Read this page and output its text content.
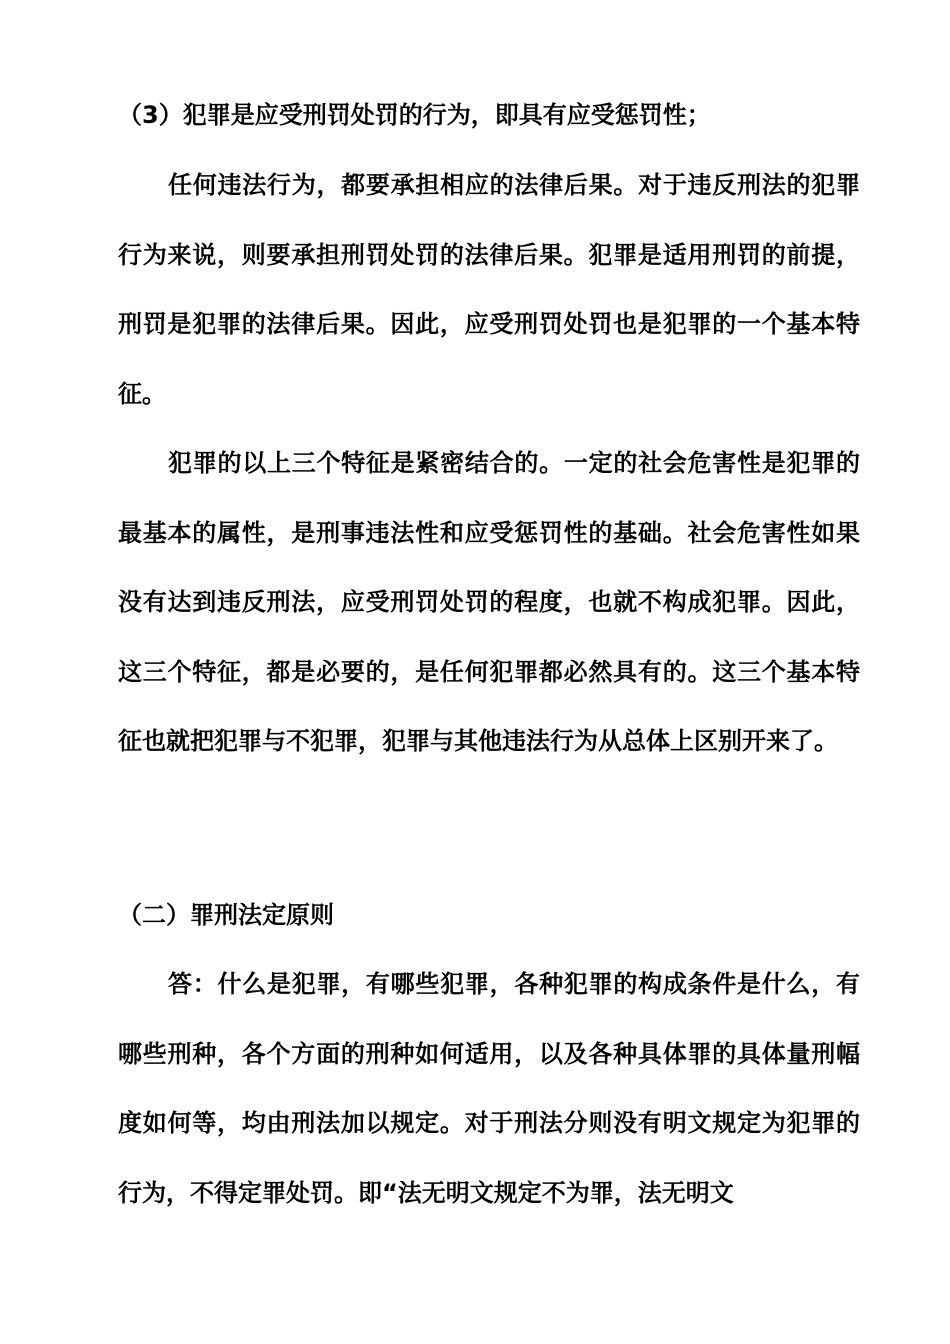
（3）犯罪是应受刑罚处罚的行为，即具有应受惩罚性；

任何违法行为，都要承担相应的法律后果。对于违反刑法的犯罪行为来说，则要承担刑罚处罚的法律后果。犯罪是适用刑罚的前提，刑罚是犯罪的法律后果。因此，应受刑罚处罚也是犯罪的一个基本特征。

犯罪的以上三个特征是紧密结合的。一定的社会危害性是犯罪的最基本的属性，是刑事违法性和应受惩罚性的基础。社会危害性如果没有达到违反刑法，应受刑罚处罚的程度，也就不构成犯罪。因此，这三个特征，都是必要的，是任何犯罪都必然具有的。这三个基本特征也就把犯罪与不犯罪，犯罪与其他违法行为从总体上区别开来了。

（二）罪刑法定原则

答：什么是犯罪，有哪些犯罪，各种犯罪的构成条件是什么，有哪些刑种，各个方面的刑种如何适用，以及各种具体罪的具体量刑幅度如何等，均由刑法加以规定。对于刑法分则没有明文规定为犯罪的行为，不得定罪处罚。即“法无明文规定不为罪，法无明文
